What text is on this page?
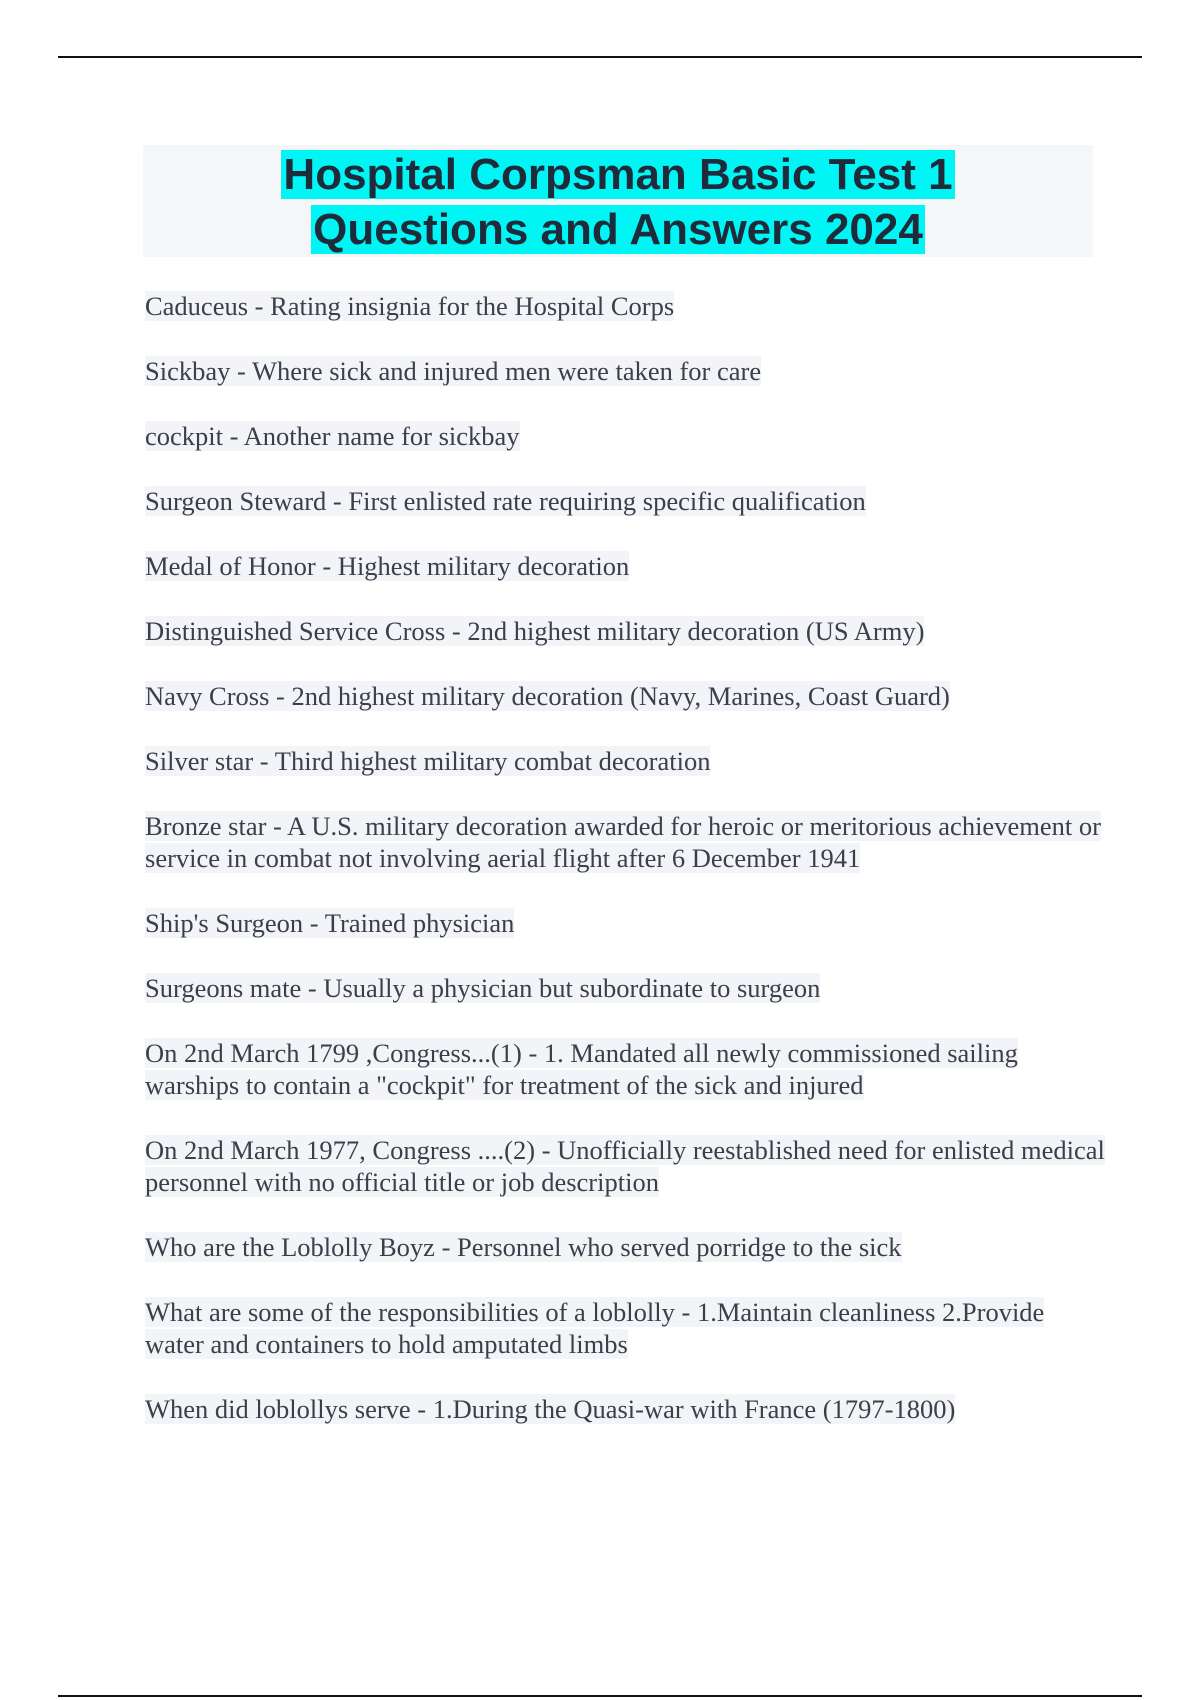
Hospital Corpsman Basic Test 1
Questions and Answers 2024

Caduceus - Rating insignia for the Hospital Corps

Sickbay - Where sick and injured men were taken for care

cockpit - Another name for sickbay

Surgeon Steward - First enlisted rate requiring specific qualification

Medal of Honor - Highest military decoration

Distinguished Service Cross - 2nd highest military decoration (US Army)

Navy Cross - 2nd highest military decoration (Navy, Marines, Coast Guard)

Silver star - Third highest military combat decoration

Bronze star - A U.S. military decoration awarded for heroic or meritorious achievement or service in combat not involving aerial flight after 6 December 1941

Ship's Surgeon - Trained physician

Surgeons mate - Usually a physician but subordinate to surgeon

On 2nd March 1799 ,Congress...(1) - 1. Mandated all newly commissioned sailing warships to contain a "cockpit" for treatment of the sick and injured

On 2nd March 1977, Congress ....(2) - Unofficially reestablished need for enlisted medical personnel with no official title or job description

Who are the Loblolly Boyz - Personnel who served porridge to the sick

What are some of the responsibilities of a loblolly - 1.Maintain cleanliness 2.Provide water and containers to hold amputated limbs

When did loblollys serve - 1.During the Quasi-war with France (1797-1800)
